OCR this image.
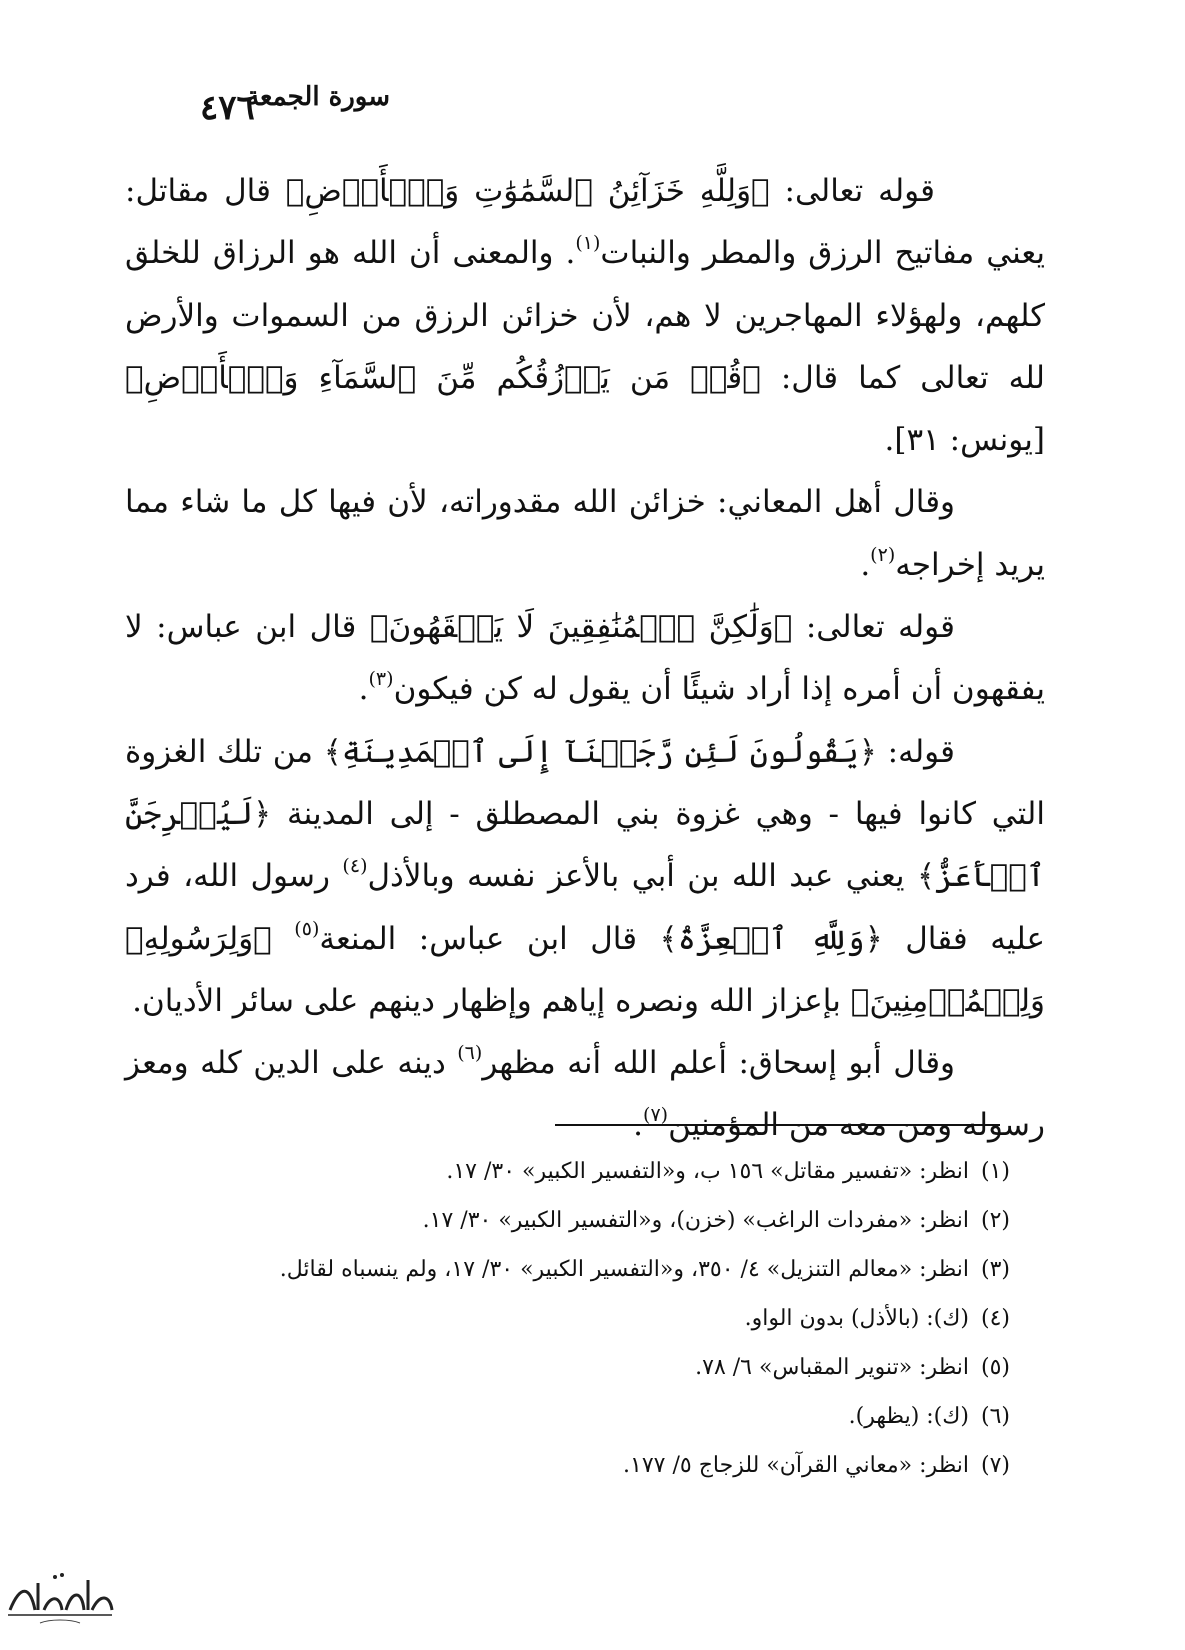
٤٧٦
سورة الجمعة

قوله تعالى: ﴿وَلِلَّهِ خَزَآئِنُ ٱلسَّمَٰوَٰتِ وَٱلۡأَرۡضِ﴾ قال مقاتل: يعني مفاتيح الرزق والمطر والنبات$^{(١)}$. والمعنى أن الله هو الرزاق للخلق كلهم، ولهؤلاء المهاجرين لا هم، لأن خزائن الرزق من السموات والأرض لله تعالى كما قال: ﴿قُلۡ مَن يَرۡزُقُكُم مِّنَ ٱلسَّمَآءِ وَٱلۡأَرۡضِ﴾ [يونس: ٣١].

وقال أهل المعاني: خزائن الله مقدوراته، لأن فيها كل ما شاء مما يريد إخراجه$^{(٢)}$.

قوله تعالى: ﴿وَلَٰكِنَّ ٱلۡمُنَٰفِقِينَ لَا يَفۡقَهُونَ﴾ قال ابن عباس: لا يفقهون أن أمره إذا أراد شيئًا أن يقول له كن فيكون$^{(٣)}$.

قوله: ﴿يَقُولُونَ لَئِن رَّجَعۡنَآ إِلَى ٱلۡمَدِينَةِ﴾ من تلك الغزوة التي كانوا فيها - وهي غزوة بني المصطلق - إلى المدينة ﴿لَيُخۡرِجَنَّ ٱلۡأَعَزُّ﴾ يعني عبد الله بن أبي بالأعز نفسه وبالأذل$^{(٤)}$ رسول الله، فرد عليه فقال ﴿وَلِلَّهِ ٱلۡعِزَّةُ﴾ قال ابن عباس: المنعة$^{(٥)}$ ﴿وَلِرَسُولِهِۦ وَلِلۡمُؤۡمِنِينَ﴾ بإعزاز الله ونصره إياهم وإظهار دينهم على سائر الأديان.

وقال أبو إسحاق: أعلم الله أنه مظهر$^{(٦)}$ دينه على الدين كله ومعز رسوله ومن معه من المؤمنين$^{(٧)}$.

(١)انظر: «تفسير مقاتل» ١٥٦ ب، و«التفسير الكبير» ٣٠/ ١٧.
(٢)انظر: «مفردات الراغب» (خزن)، و«التفسير الكبير» ٣٠/ ١٧.
(٣)انظر: «معالم التنزيل» ٤/ ٣٥٠، و«التفسير الكبير» ٣٠/ ١٧، ولم ينسباه لقائل.
(٤)(ك): (بالأذل) بدون الواو.
(٥)انظر: «تنوير المقباس» ٦/ ٧٨.
(٦)(ك): (يظهر).
(٧)انظر: «معاني القرآن» للزجاج ٥/ ١٧٧.
